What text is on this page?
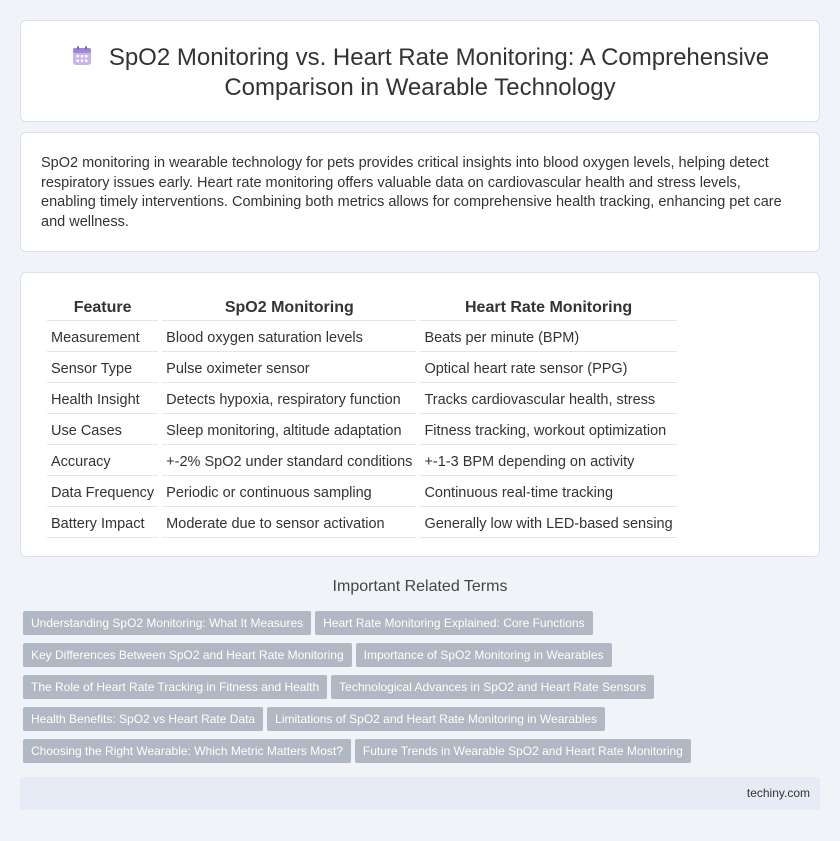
SpO2 Monitoring vs. Heart Rate Monitoring: A Comprehensive
Comparison in Wearable Technology

SpO2 monitoring in wearable technology for pets provides critical insights into blood oxygen levels, helping detect respiratory issues early. Heart rate monitoring offers valuable data on cardiovascular health and stress levels, enabling timely interventions. Combining both metrics allows for comprehensive health tracking, enhancing pet care and wellness.

Feature	SpO2 Monitoring	Heart Rate Monitoring
Measurement	Blood oxygen saturation levels	Beats per minute (BPM)
Sensor Type	Pulse oximeter sensor	Optical heart rate sensor (PPG)
Health Insight	Detects hypoxia, respiratory function	Tracks cardiovascular health, stress
Use Cases	Sleep monitoring, altitude adaptation	Fitness tracking, workout optimization
Accuracy	+-2% SpO2 under standard conditions	+-1-3 BPM depending on activity
Data Frequency	Periodic or continuous sampling	Continuous real-time tracking
Battery Impact	Moderate due to sensor activation	Generally low with LED-based sensing
Important Related Terms
Understanding SpO2 Monitoring: What It Measures Heart Rate Monitoring Explained: Core Functions
Key Differences Between SpO2 and Heart Rate Monitoring Importance of SpO2 Monitoring in Wearables
The Role of Heart Rate Tracking in Fitness and Health Technological Advances in SpO2 and Heart Rate Sensors
Health Benefits: SpO2 vs Heart Rate Data Limitations of SpO2 and Heart Rate Monitoring in Wearables
Choosing the Right Wearable: Which Metric Matters Most? Future Trends in Wearable SpO2 and Heart Rate Monitoring
techiny.com
